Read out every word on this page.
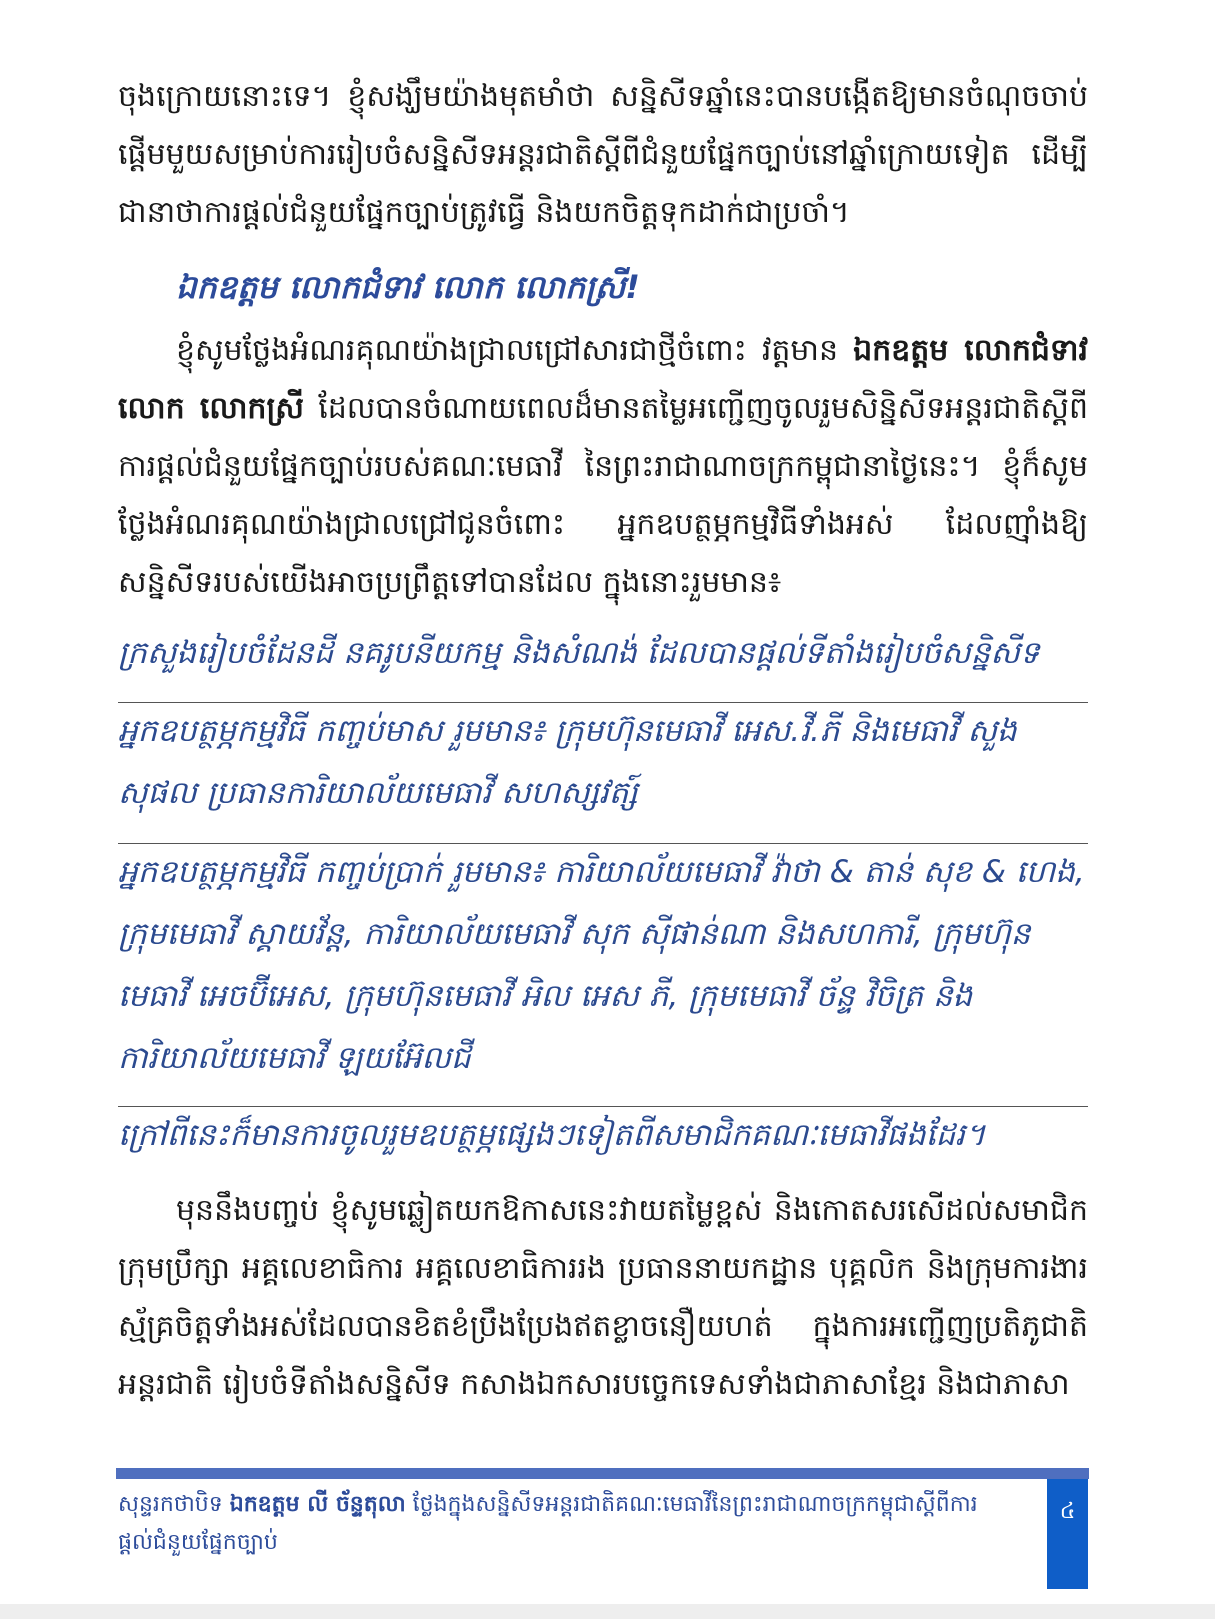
ចុងក្រោយនោះទេ។ ខ្ញុំសង្ឃឹមយ៉ាងមុតមាំថា សន្និសីទឆ្នាំនេះបានបង្កើតឱ្យមានចំណុចចាប់ផ្តើមមួយសម្រាប់ការរៀបចំសន្និសីទអន្តរជាតិស្តីពីជំនួយផ្នែកច្បាប់នៅឆ្នាំក្រោយទៀត ដើម្បីជានាថាការផ្តល់ជំនួយផ្នែកច្បាប់ត្រូវធ្វើ និងយកចិត្តទុកដាក់ជាប្រចាំ។

ឯកឧត្តម លោកជំទាវ លោក លោកស្រី!

ខ្ញុំសូមថ្លែងអំណរគុណយ៉ាងជ្រាលជ្រៅសារជាថ្មីចំពោះ វត្តមាន ឯកឧត្តម លោកជំទាវ លោក លោកស្រី ដែលបានចំណាយពេលដ៏មានតម្លៃអញ្ជើញចូលរួមសិន្និសីទអន្តរជាតិស្តីពីការផ្តល់ជំនួយផ្នែកច្បាប់របស់គណៈមេធាវី នៃព្រះរាជាណាចក្រកម្ពុជានាថ្ងៃនេះ។ ខ្ញុំក៏សូមថ្លែងអំណរគុណយ៉ាងជ្រាលជ្រៅជូនចំពោះ អ្នកឧបត្ថម្ភកម្មវិធីទាំងអស់ ដែលញ៉ាំងឱ្យសន្និសីទរបស់យើងអាចប្រព្រឹត្តទៅបានដែល ក្នុងនោះរួមមាន៖

ក្រសួងរៀបចំដែនដី នគរូបនីយកម្ម និងសំណង់ ដែលបានផ្តល់ទីតាំងរៀបចំសន្និសីទ

អ្នកឧបត្ថម្ភកម្មវិធី កញ្ចប់មាស រួមមាន៖ ក្រុមហ៊ុនមេធាវី អេស.វី.ភី និងមេធាវី សួង សុផល ប្រធានការិយាល័យមេធាវី សហស្សវត្ស៍

អ្នកឧបត្ថម្ភកម្មវិធី កញ្ចប់ប្រាក់ រួមមាន៖ ការិយាល័យមេធាវី វ៉ាថា & តាន់ សុខ & ហេង, ក្រុមមេធាវី ស្គាយវ័ន្ត, ការិយាល័យមេធាវី សុក ស៊ីផាន់ណា និងសហការី, ក្រុមហ៊ុនមេធាវី អេចប៊ីអេស, ក្រុមហ៊ុនមេធាវី អិល អេស ភី, ក្រុមមេធាវី ច័ន្ទ វិចិត្រ និង ការិយាល័យមេធាវី ឡយអ៊ែលជី

ក្រៅពីនេះក៏មានការចូលរួមឧបត្ថម្ភផ្សេងៗទៀតពីសមាជិកគណៈមេធាវីផងដែរ។

មុននឹងបញ្ចប់ ខ្ញុំសូមឆ្លៀតយកឱកាសនេះវាយតម្លៃខ្ពស់ និងកោតសរសើដល់សមាជិកក្រុមប្រឹក្សា អគ្គលេខាធិការ អគ្គលេខាធិការរង ប្រធាននាយកដ្ឋាន បុគ្គលិក និងក្រុមការងារស្ម័គ្រចិត្តទាំងអស់ដែលបានខិតខំប្រឹងប្រែងឥតខ្លាចនឿយហត់ ក្នុងការអញ្ជើញប្រតិភូជាតិ អន្តរជាតិ រៀបចំទីតាំងសន្និសីទ កសាងឯកសារបច្ចេកទេសទាំងជាភាសាខ្មែរ និងជាភាសា

សុន្ទរកថាបិទ ឯកឧត្តម លី ច័ន្ទតុលា ថ្លែងក្នុងសន្និសីទអន្តរជាតិគណៈមេធាវីនៃព្រះរាជាណាចក្រកម្ពុជាស្តីពីការផ្តល់ជំនួយផ្នែកច្បាប់

៤
